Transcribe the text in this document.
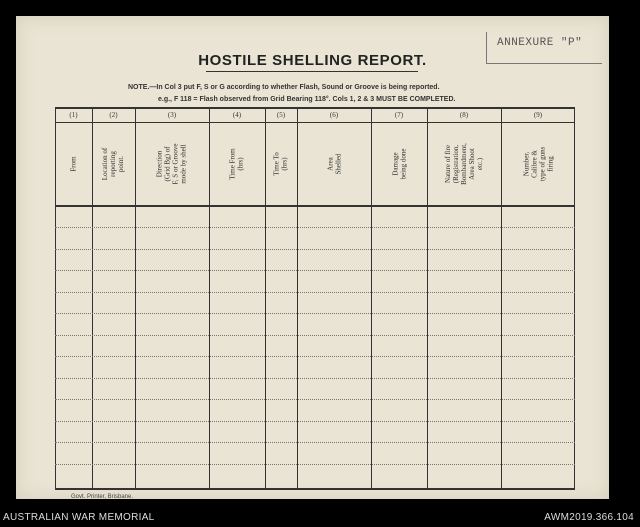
ANNEXURE "P"
HOSTILE SHELLING REPORT.
NOTE.—In Col 3 put F, S or G according to whether Flash, Sound or Groove is being reported.
e.g., F 118 = Flash observed from Grid Bearing 118°. Cols 1, 2 & 3 MUST BE COMPLETED.
(1)
From
(2)
Location of
reporting
point.
(3)
Direction
(Grid Bg) of
F, S or Groove
mode by shell
(4)
Time From
(hrs)
(5)
Time To
(hrs)
(6)
Area
Shelled
(7)
Damage
being done
(8)
Nature of fire
(Registration,
Bombardment,
Area Shoot
etc.)
(9)
Number,
Calibre &
type of guns
firing
Govt. Printer, Brisbane.
AUSTRALIAN WAR MEMORIAL	AWM2019.366.104
